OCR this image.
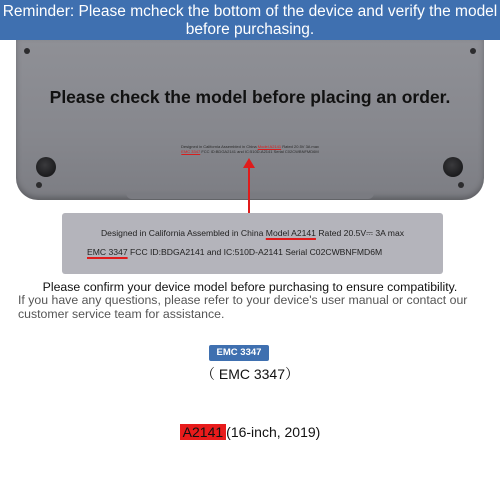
Reminder: Please mcheck the bottom of the device and verify the model before purchasing.
Please check the model before placing an order.
Designed in California Assembled in China Model A2141 Rated 20.5V 3A max
EMC 3347 FCC ID:BDGA2141 and IC:510D-A2141 Serial C02CWBNFMD6M
Designed in California Assembled in China Model A2141 Rated 20.5V⎓ 3A max
EMC 3347 FCC ID:BDGA2141 and IC:510D-A2141 Serial C02CWBNFMD6M
Please confirm your device model before purchasing to ensure compatibility.
If you have any questions, please refer to your device's user manual or contact our customer service team for assistance.
EMC 3347
（ EMC 3347）
A2141 (16-inch, 2019)
